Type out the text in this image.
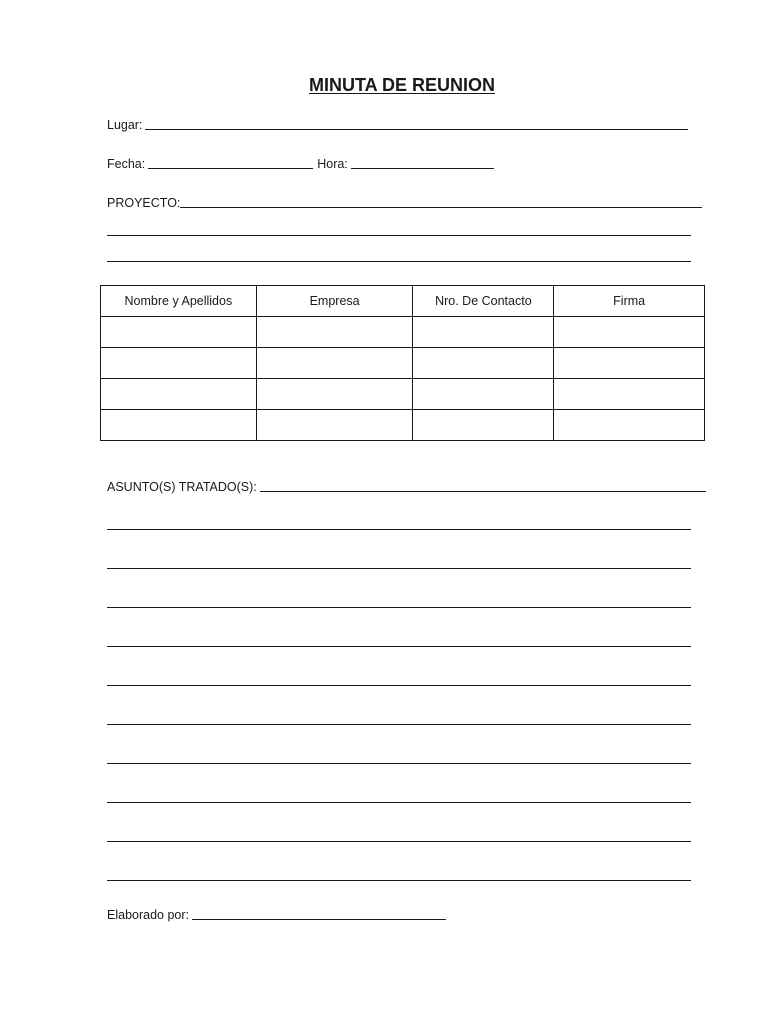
MINUTA DE REUNION
Lugar:
Fecha:	Hora:
PROYECTO:
Nombre y Apellidos	Empresa	Nro. De Contacto	Firma

ASUNTO(S) TRATADO(S):
Elaborado por:
